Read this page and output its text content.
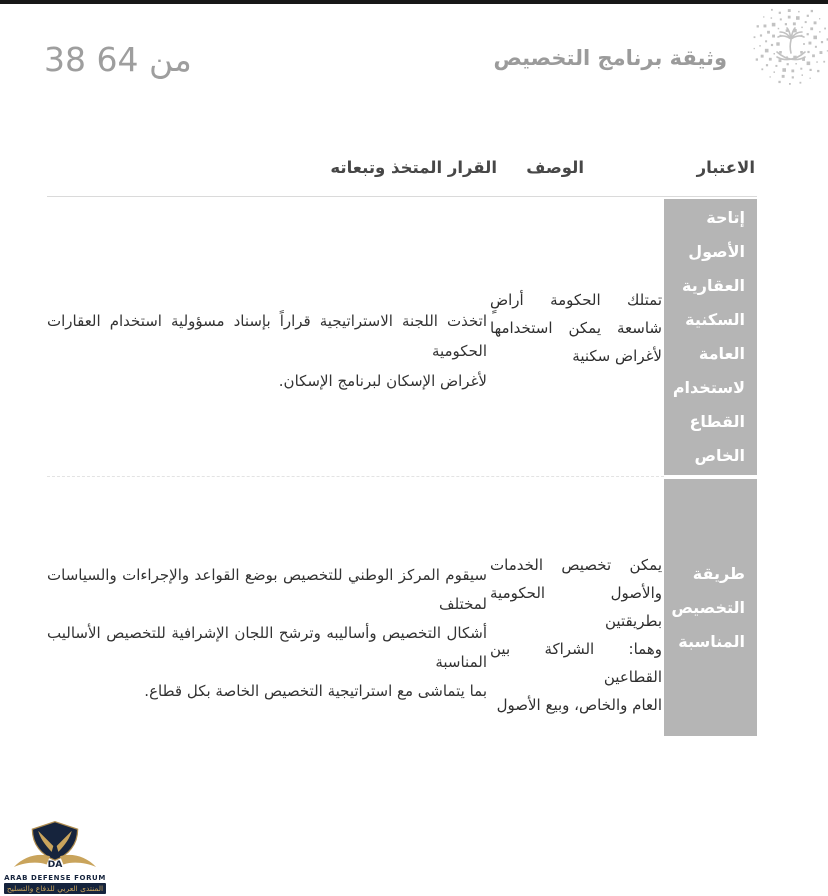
وثيقة برنامج التخصيص
38 من 64
الاعتبار
الوصف
القرار المتخذ وتبعاته
إتاحة
الأصول
العقارية
السكنية
العامة
لاستخدام
القطاع
الخاص
تمتلك الحكومة أراضٍ
شاسعة يمكن استخدامها
لأغراض سكنية
اتخذت اللجنة الاستراتيجية قراراً بإسناد مسؤولية استخدام العقارات الحكومية
لأغراض الإسكان لبرنامج الإسكان.
طريقة
التخصيص
المناسبة
يمكن تخصيص الخدمات
والأصول الحكومية بطريقتين
وهما: الشراكة بين القطاعين
العام والخاص، وبيع الأصول
سيقوم المركز الوطني للتخصيص بوضع القواعد والإجراءات والسياسات لمختلف
أشكال التخصيص وأساليبه وترشح اللجان الإشرافية للتخصيص الأساليب المناسبة
بما يتماشى مع استراتيجية التخصيص الخاصة بكل قطاع.
DA
ARAB DEFENSE FORUM
المنتدى العربي للدفاع والتسليح
